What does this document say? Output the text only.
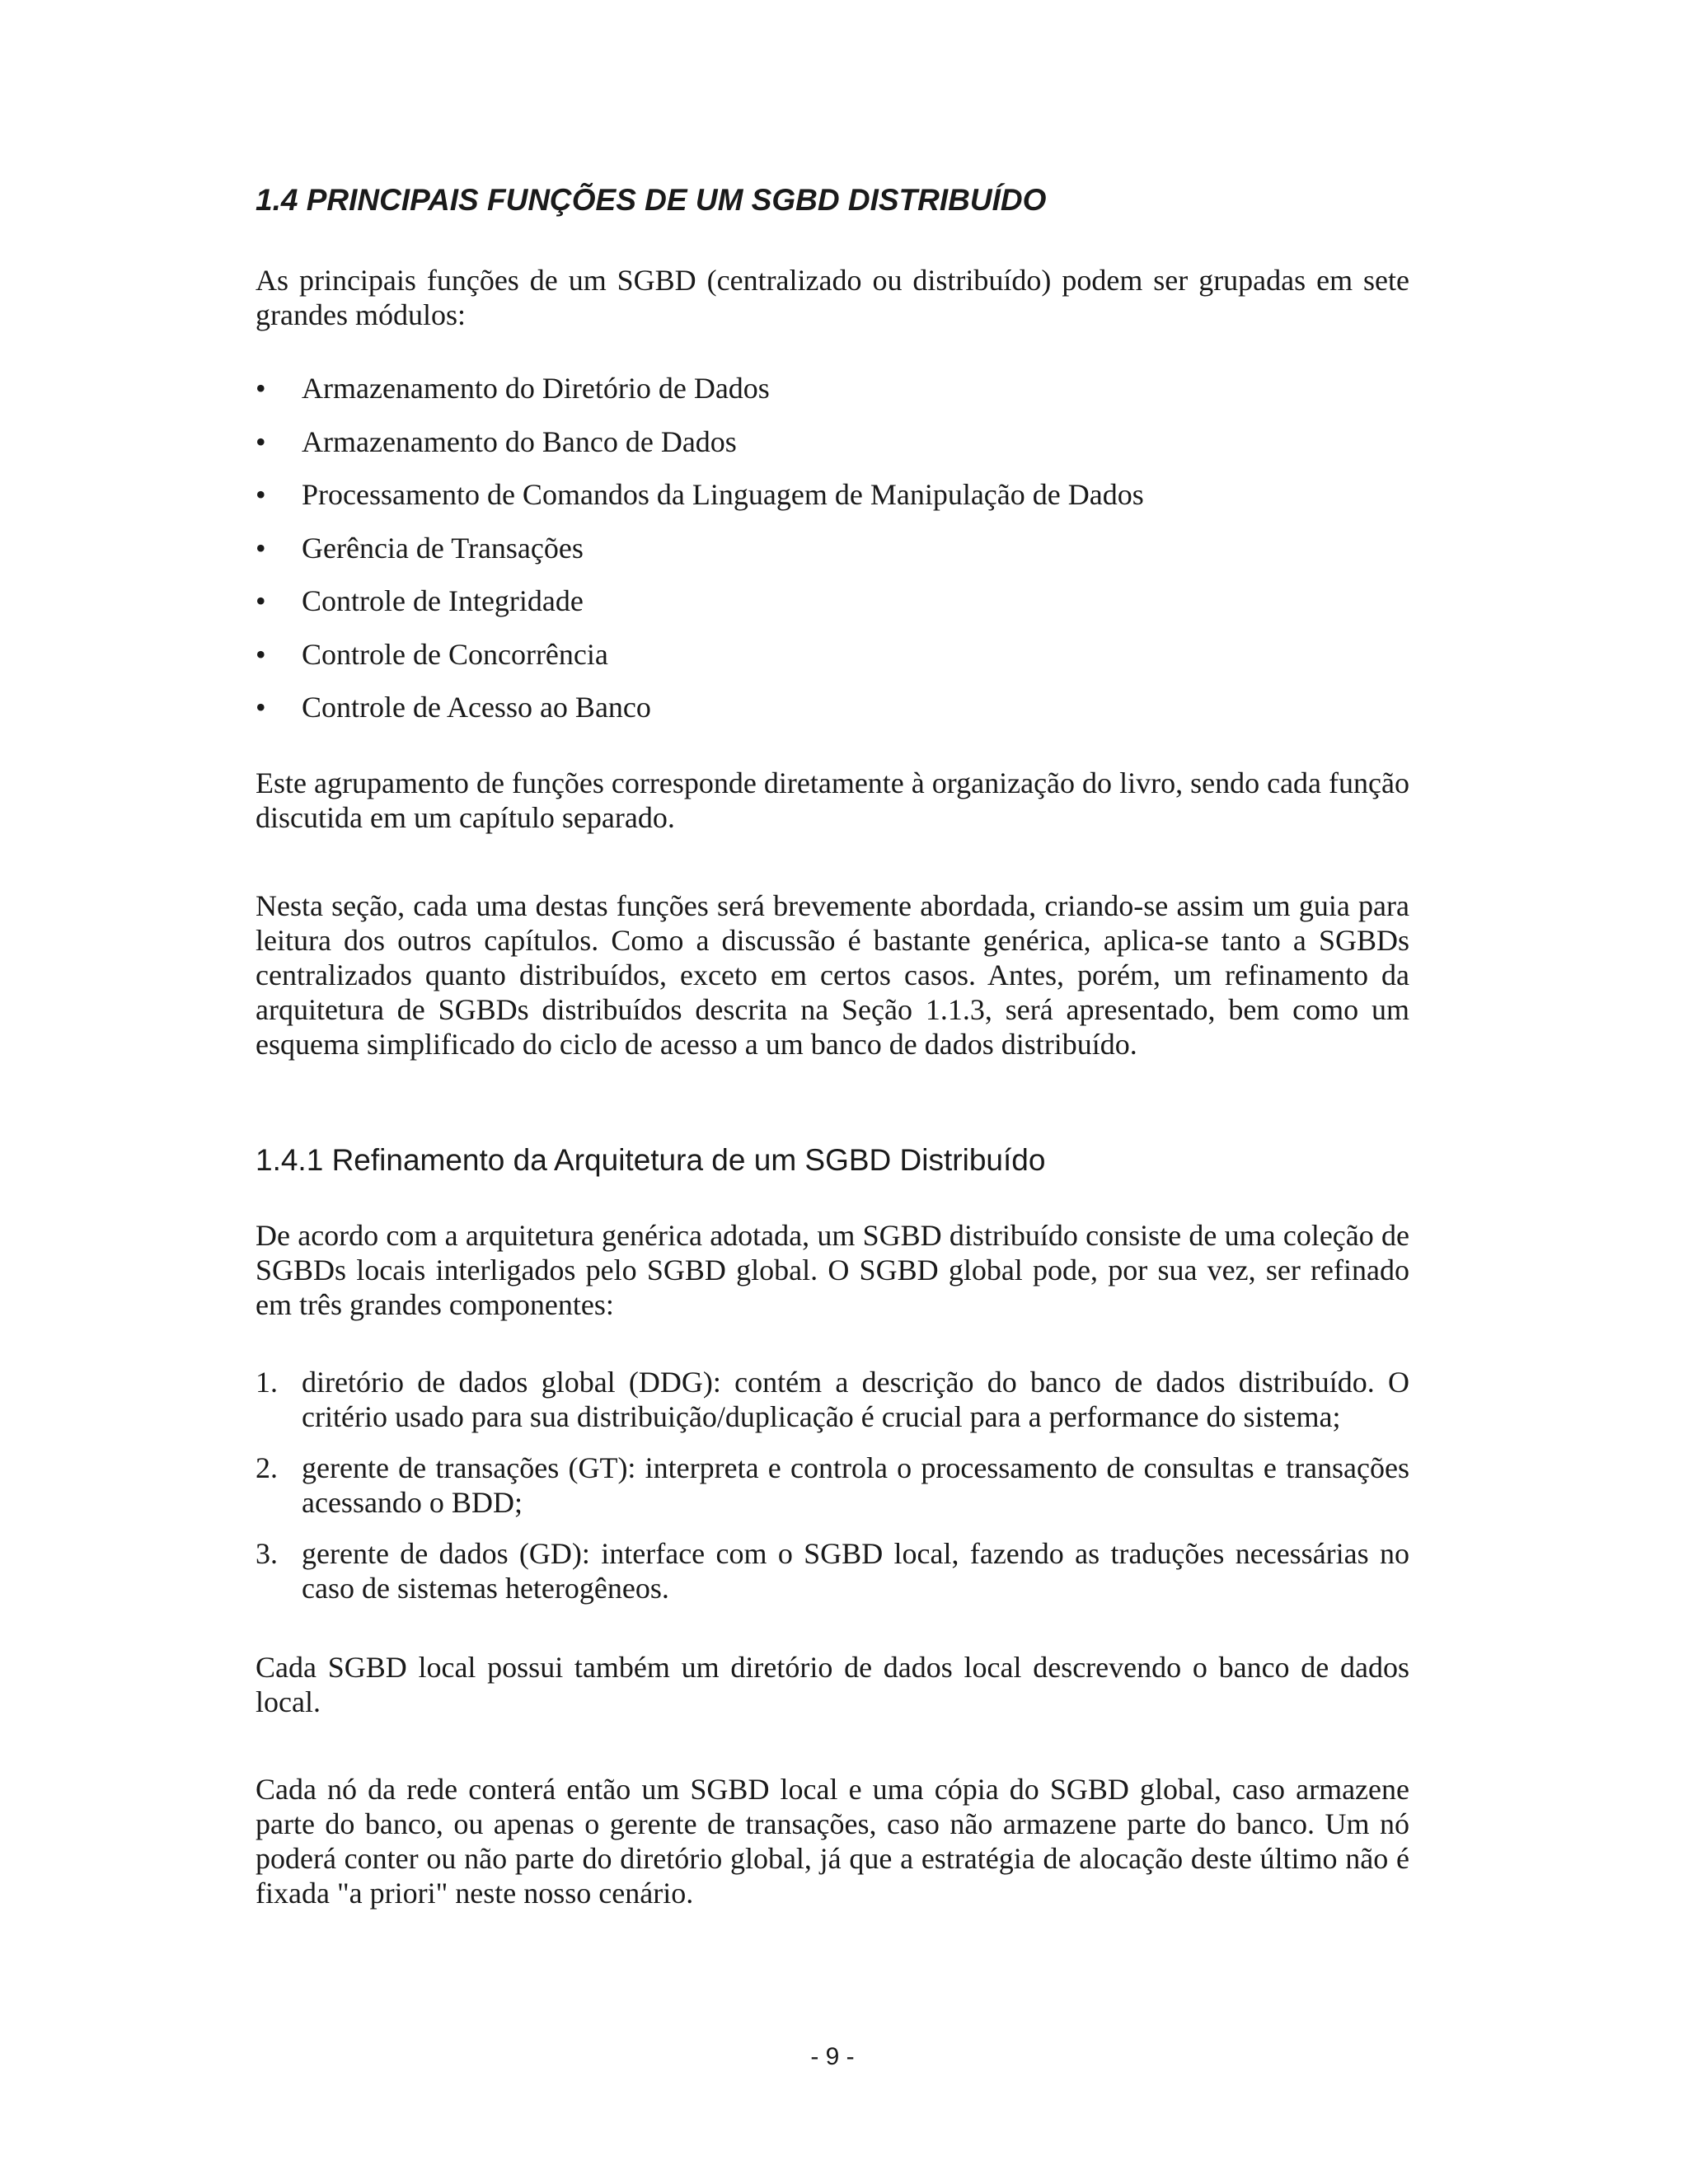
1.4 PRINCIPAIS FUNÇÕES DE UM SGBD DISTRIBUÍDO

As principais funções de um SGBD (centralizado ou distribuído) podem ser grupadas em sete grandes módulos:

• Armazenamento do Diretório de Dados
• Armazenamento do Banco de Dados
• Processamento de Comandos da Linguagem de Manipulação de Dados
• Gerência de Transações
• Controle de Integridade
• Controle de Concorrência
• Controle de Acesso ao Banco

Este agrupamento de funções corresponde diretamente à organização do livro, sendo cada função discutida em um capítulo separado.

Nesta seção, cada uma destas funções será brevemente abordada, criando-se assim um guia para leitura dos outros capítulos. Como a discussão é bastante genérica, aplica-se tanto a SGBDs centralizados quanto distribuídos, exceto em certos casos. Antes, porém, um refinamento da arquitetura de SGBDs distribuídos descrita na Seção 1.1.3, será apresentado, bem como um esquema simplificado do ciclo de acesso a um banco de dados distribuído.

1.4.1 Refinamento da Arquitetura de um SGBD Distribuído

De acordo com a arquitetura genérica adotada, um SGBD distribuído consiste de uma coleção de SGBDs locais interligados pelo SGBD global. O SGBD global pode, por sua vez, ser refinado em três grandes componentes:

1. diretório de dados global (DDG): contém a descrição do banco de dados distribuído. O critério usado para sua distribuição/duplicação é crucial para a performance do sistema;
2. gerente de transações (GT): interpreta e controla o processamento de consultas e transações acessando o BDD;
3. gerente de dados (GD): interface com o SGBD local, fazendo as traduções necessárias no caso de sistemas heterogêneos.

Cada SGBD local possui também um diretório de dados local descrevendo o banco de dados local.

Cada nó da rede conterá então um SGBD local e uma cópia do SGBD global, caso armazene parte do banco, ou apenas o gerente de transações, caso não armazene parte do banco. Um nó poderá conter ou não parte do diretório global, já que a estratégia de alocação deste último não é fixada "a priori" neste nosso cenário.

- 9 -
